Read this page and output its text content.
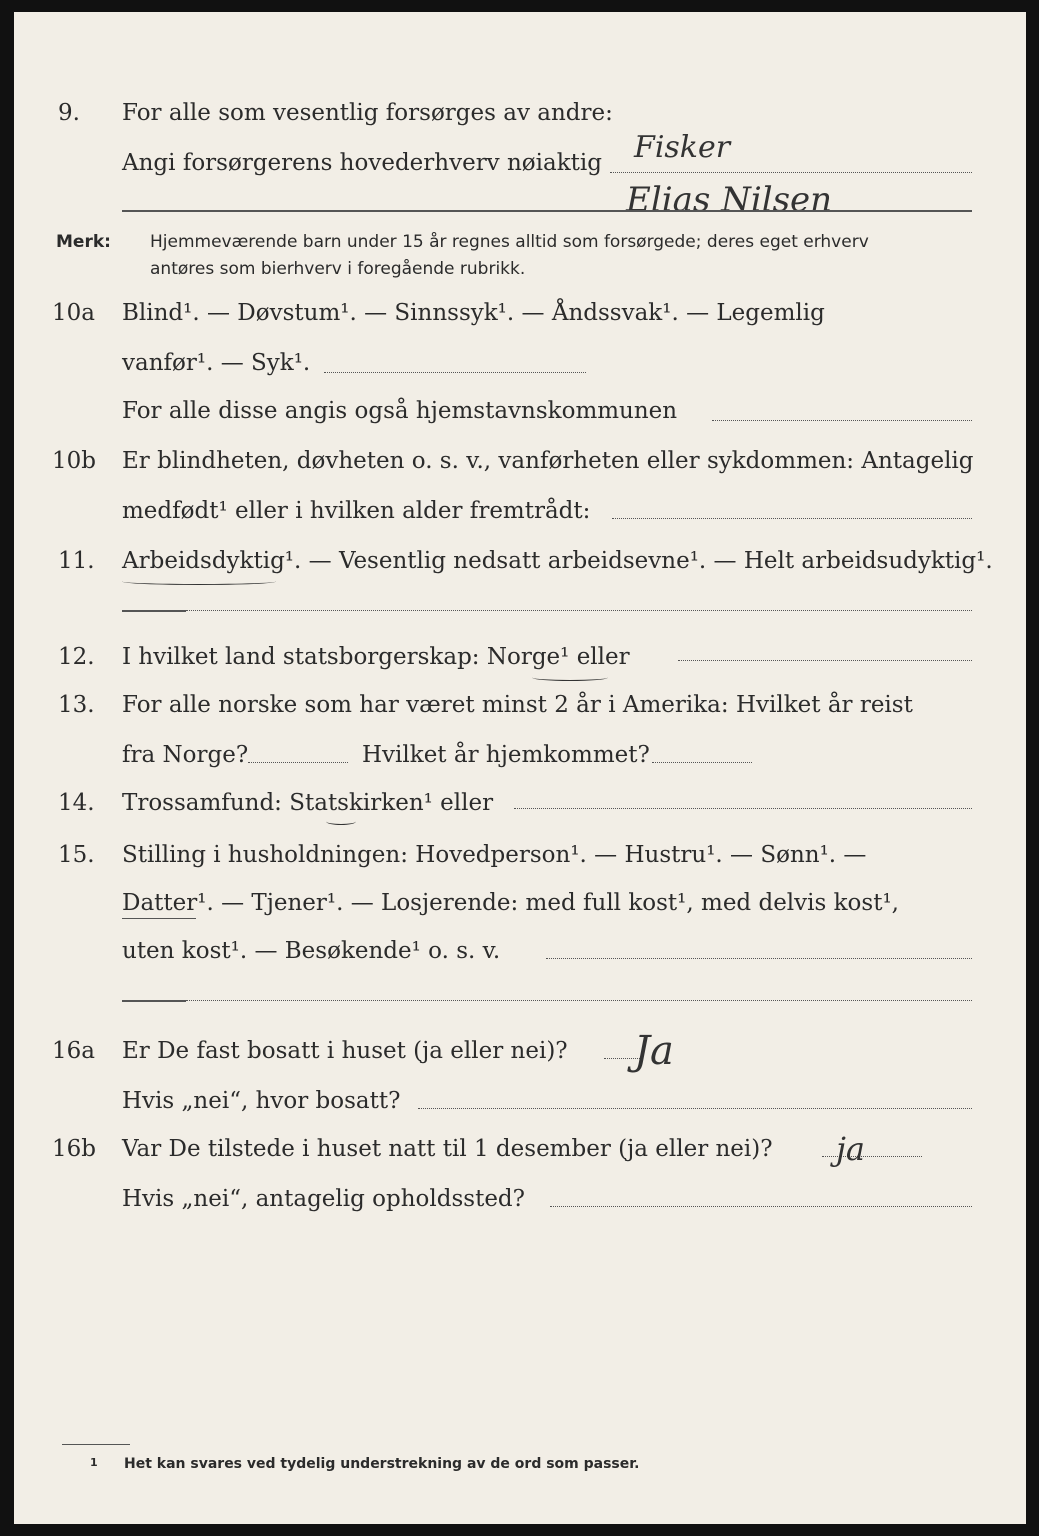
9. For alle som vesentlig forsørges av andre:
Angi forsørgerens hovederhverv nøiaktig Fisker
Elias Nilsen
Merk: Hjemmeværende barn under 15 år regnes alltid som forsørgede; deres eget erhverv
antøres som bierhverv i foregående rubrikk.
10a Blind¹. — Døvstum¹. — Sinnssyk¹. — Åndssvak¹. — Legemlig
vanfør¹. — Syk¹.
For alle disse angis også hjemstavnskommunen
10b Er blindheten, døvheten o. s. v., vanførheten eller sykdommen: Antagelig
medfødt¹ eller i hvilken alder fremtrådt:
11. Arbeidsdyktig¹. — Vesentlig nedsatt arbeidsevne¹. — Helt arbeidsudyktig¹.
12. I hvilket land statsborgerskap: Norge¹ eller
13. For alle norske som har været minst 2 år i Amerika: Hvilket år reist
fra Norge?	Hvilket år hjemkommet?
14. Trossamfund: Statskirken¹ eller
15. Stilling i husholdningen: Hovedperson¹. — Hustru¹. — Sønn¹. —
Datter¹. — Tjener¹. — Losjerende: med full kost¹, med delvis kost¹,
uten kost¹. — Besøkende¹ o. s. v.
16a Er De fast bosatt i huset (ja eller nei)? Ja
Hvis „nei“, hvor bosatt?
16b Var De tilstede i huset natt til 1 desember (ja eller nei)? ja
Hvis „nei“, antagelig opholdssted?
1 Het kan svares ved tydelig understrekning av de ord som passer.
